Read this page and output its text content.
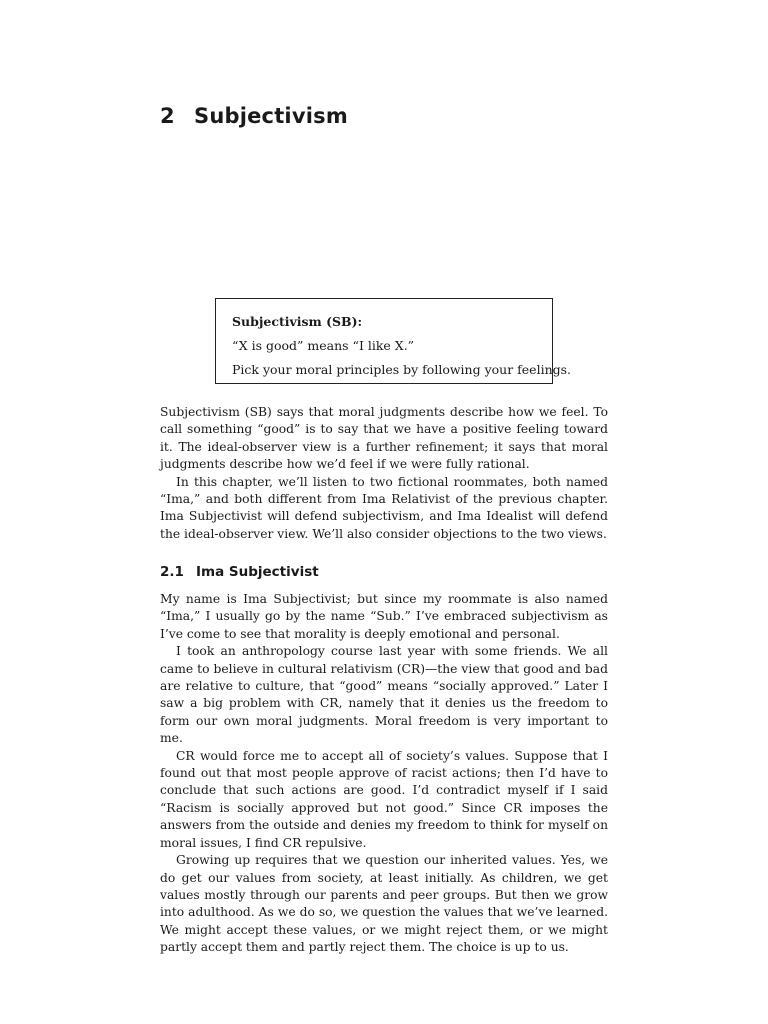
2 Subjectivism

Subjectivism (SB):

“X is good” means “I like X.”

Pick your moral principles by following your feelings.

Subjectivism (SB) says that moral judgments describe how we feel. To call something “good” is to say that we have a positive feeling toward it. The ideal-observer view is a further refinement; it says that moral judgments describe how we’d feel if we were fully rational.

In this chapter, we’ll listen to two fictional roommates, both named “Ima,” and both different from Ima Relativist of the previous chapter. Ima Subjectivist will defend subjectivism, and Ima Idealist will defend the ideal-observer view. We’ll also consider objections to the two views.

2.1 Ima Subjectivist

My name is Ima Subjectivist; but since my roommate is also named “Ima,” I usually go by the name “Sub.” I’ve embraced subjectivism as I’ve come to see that morality is deeply emotional and personal.

I took an anthropology course last year with some friends. We all came to believe in cultural relativism (CR)—the view that good and bad are relative to culture, that “good” means “socially approved.” Later I saw a big problem with CR, namely that it denies us the freedom to form our own moral judgments. Moral freedom is very important to me.

CR would force me to accept all of society’s values. Suppose that I found out that most people approve of racist actions; then I’d have to conclude that such actions are good. I’d contradict myself if I said “Racism is socially approved but not good.” Since CR imposes the answers from the outside and denies my freedom to think for myself on moral issues, I find CR repulsive.

Growing up requires that we question our inherited values. Yes, we do get our values from society, at least initially. As children, we get values mostly through our parents and peer groups. But then we grow into adulthood. As we do so, we question the values that we’ve learned. We might accept these values, or we might reject them, or we might partly accept them and partly reject them. The choice is up to us.
